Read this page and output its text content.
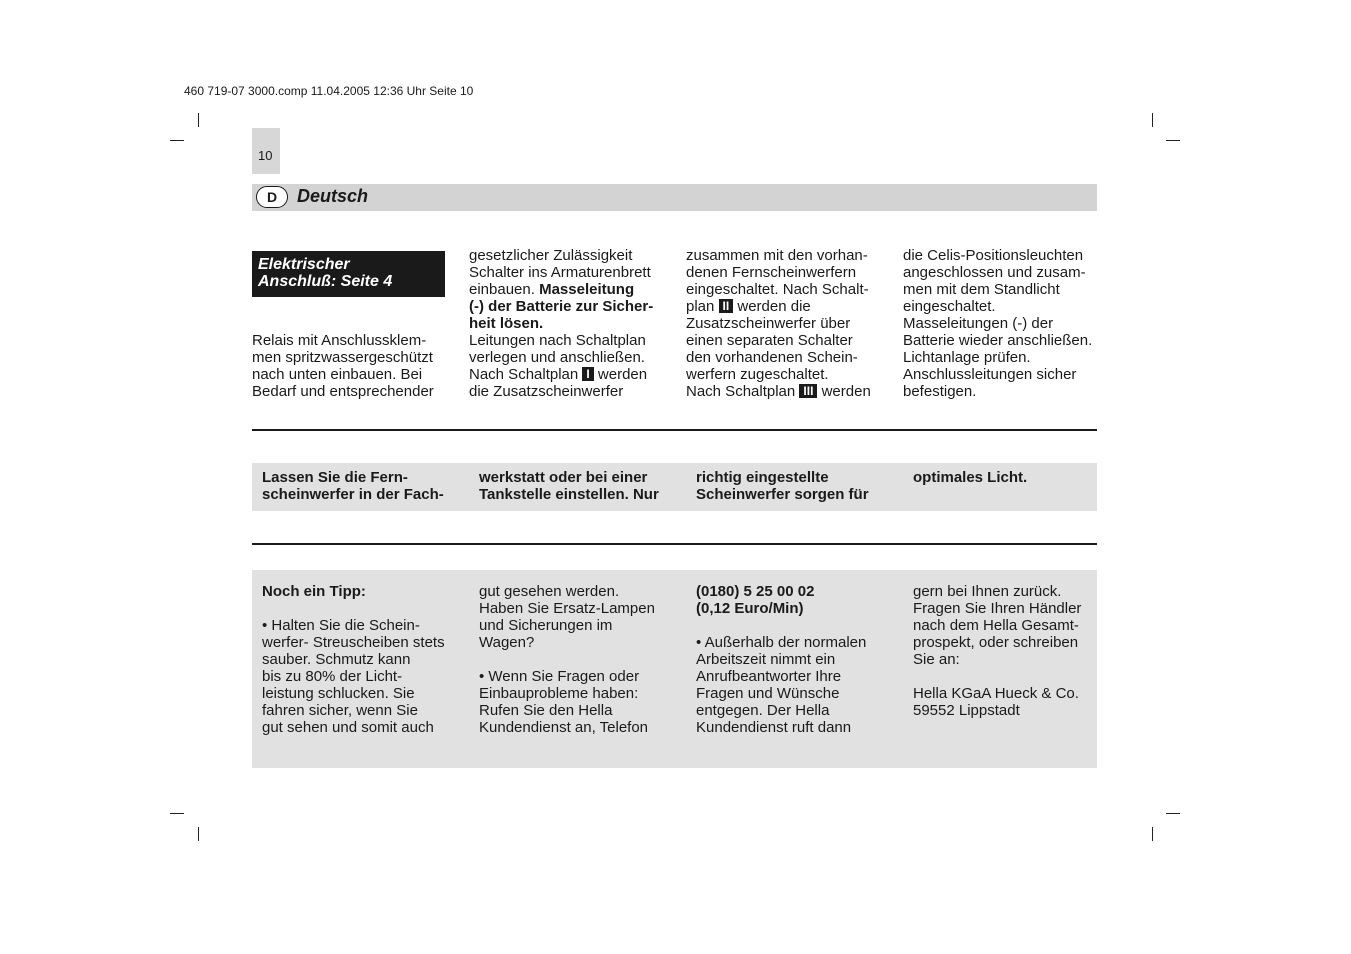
460 719-07 3000.comp 11.04.2005 12:36 Uhr Seite 10
10
D	Deutsch
Elektrischer
Anschluß: Seite 4

Relais mit Anschlussklem-

men spritzwassergeschützt

nach unten einbauen. Bei

Bedarf und entsprechender

gesetzlicher Zulässigkeit

Schalter ins Armaturenbrett

einbauen. Masseleitung

(-) der Batterie zur Sicher-

heit lösen.

Leitungen nach Schaltplan

verlegen und anschließen.

Nach Schaltplan I werden

die Zusatzscheinwerfer

zusammen mit den vorhan-

denen Fernscheinwerfern

eingeschaltet. Nach Schalt-

plan II werden die

Zusatzscheinwerfer über

einen separaten Schalter

den vorhandenen Schein-

werfern zugeschaltet.

Nach Schaltplan III werden

die Celis-Positionsleuchten

angeschlossen und zusam-

men mit dem Standlicht

eingeschaltet.

Masseleitungen (-) der

Batterie wieder anschließen.

Lichtanlage prüfen.

Anschlussleitungen sicher

befestigen.

Lassen Sie die Fern-

scheinwerfer in der Fach-

werkstatt oder bei einer

Tankstelle einstellen. Nur

richtig eingestellte

Scheinwerfer sorgen für

optimales Licht.

Noch ein Tipp:

• Halten Sie die Schein-

werfer- Streuscheiben stets

sauber. Schmutz kann

bis zu 80% der Licht-

leistung schlucken. Sie

fahren sicher, wenn Sie

gut sehen und somit auch

gut gesehen werden.

Haben Sie Ersatz-Lampen

und Sicherungen im

Wagen?

• Wenn Sie Fragen oder

Einbauprobleme haben:

Rufen Sie den Hella

Kundendienst an, Telefon

(0180) 5 25 00 02

(0,12 Euro/Min)

• Außerhalb der normalen

Arbeitszeit nimmt ein

Anrufbeantworter Ihre

Fragen und Wünsche

entgegen. Der Hella

Kundendienst ruft dann

gern bei Ihnen zurück.

Fragen Sie Ihren Händler

nach dem Hella Gesamt-

prospekt, oder schreiben

Sie an:

Hella KGaA Hueck & Co.

59552 Lippstadt
